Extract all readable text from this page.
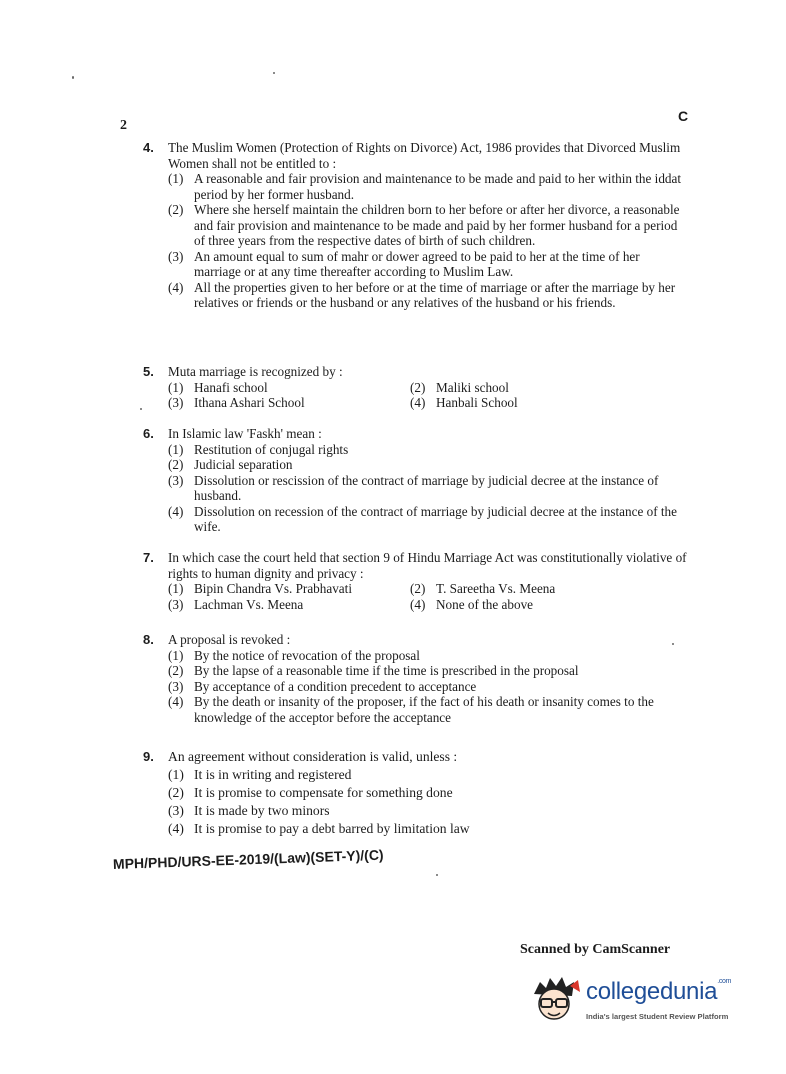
2
C
4.	The Muslim Women (Protection of Rights on Divorce) Act, 1986 provides that Divorced Muslim Women shall not be entitled to :
(1) A reasonable and fair provision and maintenance to be made and paid to her within the iddat period by her former husband.
(2) Where she herself maintain the children born to her before or after her divorce, a reasonable and fair provision and maintenance to be made and paid by her former husband for a period of three years from the respective dates of birth of such children.
(3) An amount equal to sum of mahr or dower agreed to be paid to her at the time of her marriage or at any time thereafter according to Muslim Law.
(4) All the properties given to her before or at the time of marriage or after the marriage by her relatives or friends or the husband or any relatives of the husband or his friends.
5.	Muta marriage is recognized by :
(1) Hanafi school	(2) Maliki school
(3) Ithana Ashari School	(4) Hanbali School
6.	In Islamic law 'Faskh' mean :
(1) Restitution of conjugal rights
(2) Judicial separation
(3) Dissolution or rescission of the contract of marriage by judicial decree at the instance of husband.
(4) Dissolution on recession of the contract of marriage by judicial decree at the instance of the wife.
7.	In which case the court held that section 9 of Hindu Marriage Act was constitutionally violative of rights to human dignity and privacy :
(1) Bipin Chandra Vs. Prabhavati	(2) T. Sareetha Vs. Meena
(3) Lachman Vs. Meena	(4) None of the above
8.	A proposal is revoked :
(1) By the notice of revocation of the proposal
(2) By the lapse of a reasonable time if the time is prescribed in the proposal
(3) By acceptance of a condition precedent to acceptance
(4) By the death or insanity of the proposer, if the fact of his death or insanity comes to the knowledge of the acceptor before the acceptance
9.	An agreement without consideration is valid, unless :
(1) It is in writing and registered
(2) It is promise to compensate for something done
(3) It is made by two minors
(4) It is promise to pay a debt barred by limitation law
MPH/PHD/URS-EE-2019/(Law)(SET-Y)/(C)
Scanned by CamScanner
collegedunia$^{.com}$
India's largest Student Review Platform
